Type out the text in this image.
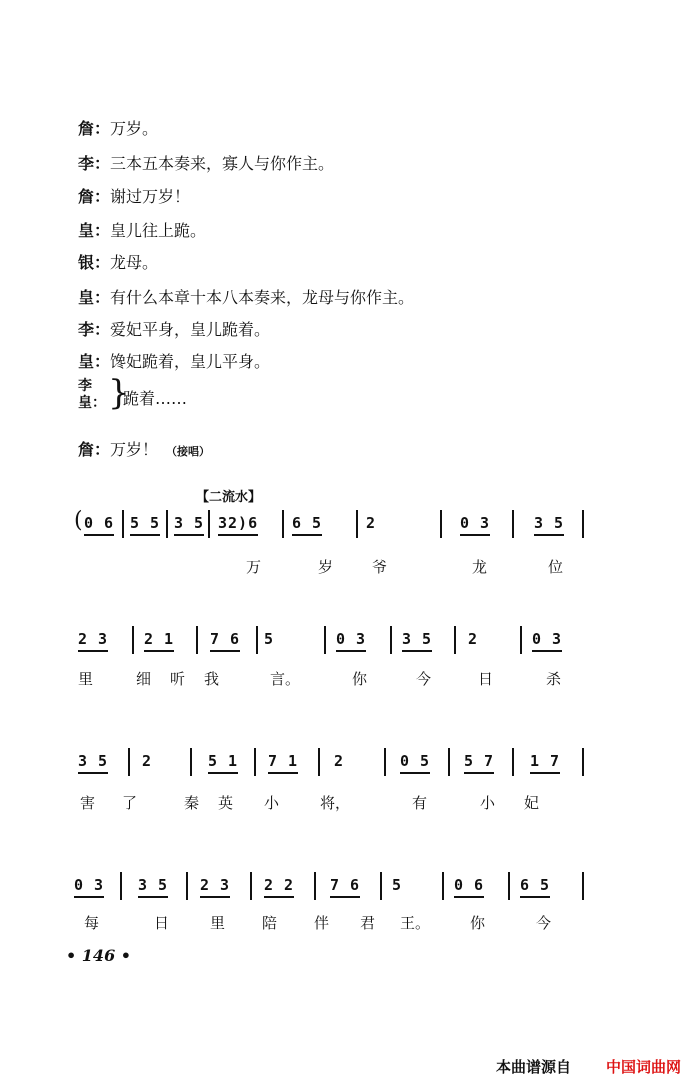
詹：万岁。
李：三本五本奏来，寡人与你作主。
詹：谢过万岁！
皇：皇儿往上跪。
银：龙母。
皇：有什么本章十本八本奏来，龙母与你作主。
李：爱妃平身，皇儿跪着。
皇：馋妃跪着，皇儿平身。
李
皇： }
跪着……
詹：万岁！ （接唱）
【二流水】
( 0 6 5 5 3 5 32)6 6 5	2	0 3	3 5
万	岁	爷	龙	位
2 3 2 1 7 6 5	0 3 3 5 2	0 3
里	细 听 我	言。	你	今	日	杀
3 5 2	5 1 7 1 2	0 5 5 7 1 7
害 了	秦 英 小	将，	有	小 妃
0 3 3 5 2 3 2 2 7 6 5	0 6 6 5
每	日	里 陪 伴 君 王。	你	今
• 146 •
本曲谱源自 中国词曲网
